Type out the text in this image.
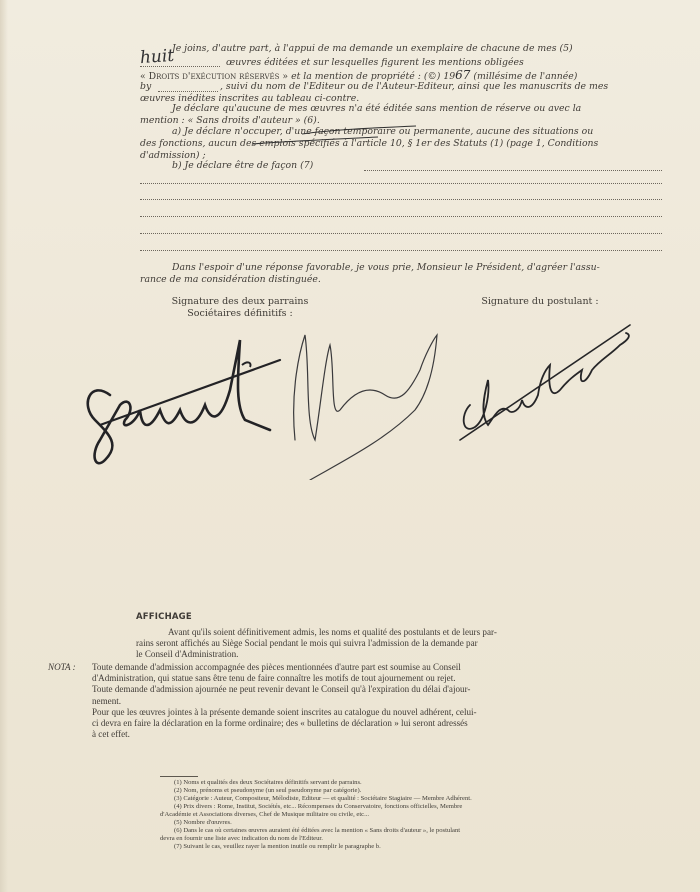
Je joins, d'autre part, à l'appui de ma demande un exemplaire de chacune de mes (5)
huit	œuvres éditées et sur lesquelles figurent les mentions obligées
« Droits d'exécution réservés » et la mention de propriété : (©) 1967 (millésime de l'année)
by	, suivi du nom de l'Editeur ou de l'Auteur-Editeur, ainsi que les manuscrits de mes
œuvres inédites inscrites au tableau ci-contre.
Je déclare qu'aucune de mes œuvres n'a été éditée sans mention de réserve ou avec la
mention : « Sans droits d'auteur » (6).
a) Je déclare n'occuper, d'une façon temporaire ou permanente, aucune des situations ou
des fonctions, aucun des emplois spécifiés à l'article 10, § 1er des Statuts (1) (page 1, Conditions
d'admission) ;
b) Je déclare être de façon (7)
Dans l'espoir d'une réponse favorable, je vous prie, Monsieur le Président, d'agréer l'assu-
rance de ma considération distinguée.
Signature des deux parrains
Sociétaires définitifs :
Signature du postulant :
AFFICHAGE
Avant qu'ils soient définitivement admis, les noms et qualité des postulants et de leurs par-
rains seront affichés au Siège Social pendant le mois qui suivra l'admission de la demande par
le Conseil d'Administration.
NOTA : Toute demande d'admission accompagnée des pièces mentionnées d'autre part est soumise au Conseil
d'Administration, qui statue sans être tenu de faire connaître les motifs de tout ajournement ou rejet.
Toute demande d'admission ajournée ne peut revenir devant le Conseil qu'à l'expiration du délai d'ajour-
nement.
Pour que les œuvres jointes à la présente demande soient inscrites au catalogue du nouvel adhérent, celui-
ci devra en faire la déclaration en la forme ordinaire; des « bulletins de déclaration » lui seront adressés
à cet effet.
(1) Noms et qualités des deux Sociétaires définitifs servant de parrains.
(2) Nom, prénoms et pseudonyme (un seul pseudonyme par catégorie).
(3) Catégorie : Auteur, Compositeur, Mélodiste, Editeur — et qualité : Sociétaire Stagiaire — Membre Adhérent.
(4) Prix divers : Rome, Institut, Sociétés, etc... Récompenses du Conservatoire, fonctions officielles, Membre
d'Académie et Associations diverses, Chef de Musique militaire ou civile, etc...
(5) Nombre d'œuvres.
(6) Dans le cas où certaines œuvres auraient été éditées avec la mention « Sans droits d'auteur », le postulant
devra en fournir une liste avec indication du nom de l'Editeur.
(7) Suivant le cas, veuillez rayer la mention inutile ou remplir le paragraphe b.
